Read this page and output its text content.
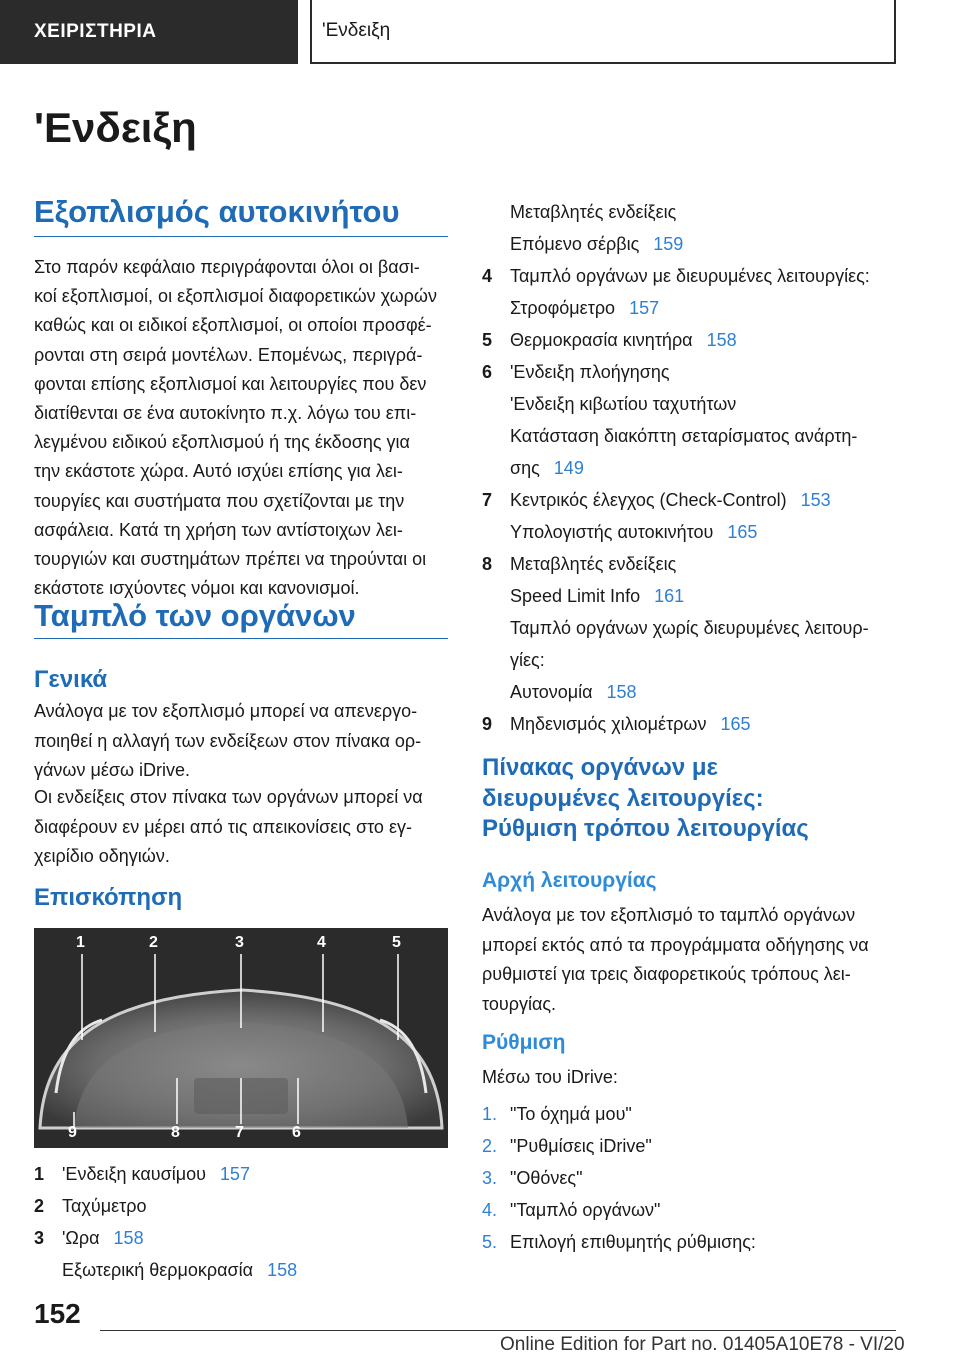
ΧΕΙΡΙΣΤΗΡΙΑ	'Ενδειξη
'Ενδειξη
Εξοπλισμός αυτοκινήτου
Στο παρόν κεφάλαιο περιγράφονται όλοι οι βασι-
κοί εξοπλισμοί, οι εξοπλισμοί διαφορετικών χωρών
καθώς και οι ειδικοί εξοπλισμοί, οι οποίοι προσφέ-
ρονται στη σειρά μοντέλων. Επομένως, περιγρά-
φονται επίσης εξοπλισμοί και λειτουργίες που δεν
διατίθενται σε ένα αυτοκίνητο π.χ. λόγω του επι-
λεγμένου ειδικού εξοπλισμού ή της έκδοσης για
την εκάστοτε χώρα. Αυτό ισχύει επίσης για λει-
τουργίες και συστήματα που σχετίζονται με την
ασφάλεια. Κατά τη χρήση των αντίστοιχων λει-
τουργιών και συστημάτων πρέπει να τηρούνται οι
εκάστοτε ισχύοντες νόμοι και κανονισμοί.
Ταμπλό των οργάνων
Γενικά
Ανάλογα με τον εξοπλισμό μπορεί να απενεργο-
ποιηθεί η αλλαγή των ενδείξεων στον πίνακα ορ-
γάνων μέσω iDrive.
Οι ενδείξεις στον πίνακα των οργάνων μπορεί να
διαφέρουν εν μέρει από τις απεικονίσεις στο εγ-
χειρίδιο οδηγιών.
Επισκόπηση
1	2	3	4	5
9	8	7	6
1 'Ενδειξη καυσίμου 157
2 Ταχύμετρο
3 'Ωρα 158
Εξωτερική θερμοκρασία 158
Μεταβλητές ενδείξεις
Επόμενο σέρβις 159
4 Ταμπλό οργάνων με διευρυμένες λειτουργίες:
Στροφόμετρο 157
5 Θερμοκρασία κινητήρα 158
6 'Ενδειξη πλοήγησης
'Ενδειξη κιβωτίου ταχυτήτων
Κατάσταση διακόπτη σεταρίσματος ανάρτη-
σης 149
7 Κεντρικός έλεγχος (Check-Control) 153
Υπολογιστής αυτοκινήτου 165
8 Μεταβλητές ενδείξεις
Speed Limit Info 161
Ταμπλό οργάνων χωρίς διευρυμένες λειτουρ-
γίες:
Αυτονομία 158
9 Μηδενισμός χιλιομέτρων 165
Πίνακας οργάνων με
διευρυμένες λειτουργίες:
Ρύθμιση τρόπου λειτουργίας
Αρχή λειτουργίας
Ανάλογα με τον εξοπλισμό το ταμπλό οργάνων
μπορεί εκτός από τα προγράμματα οδήγησης να
ρυθμιστεί για τρεις διαφορετικούς τρόπους λει-
τουργίας.
Ρύθμιση
Μέσω του iDrive:
1. "Το όχημά μου"
2. "Ρυθμίσεις iDrive"
3. "Οθόνες"
4. "Ταμπλό οργάνων"
5. Επιλογή επιθυμητής ρύθμισης:
152
Online Edition for Part no. 01405A10E78 - VI/20
